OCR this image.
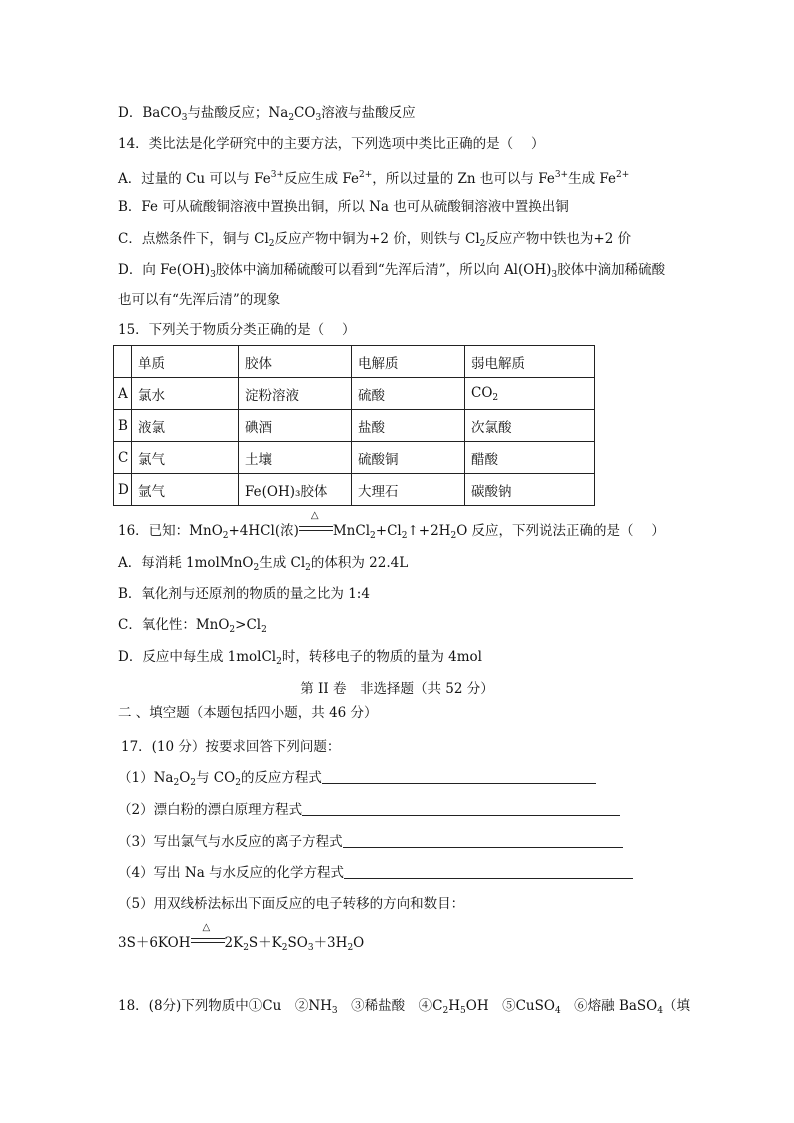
D．BaCO$_3$与盐酸反应；$Na_2CO_3$溶液与盐酸反应
14．类比法是化学研究中的主要方法，下列选项中类比正确的是（　 ）
A．过量的 Cu 可以与 $Fe^{3+}$反应生成 $Fe^{2+}$，所以过量的 Zn 也可以与 $Fe^{3+}$生成 $Fe^{2+}$
B．Fe 可从硫酸铜溶液中置换出铜，所以 Na 也可从硫酸铜溶液中置换出铜
C．点燃条件下，铜与 $Cl_2$反应产物中铜为+2 价，则铁与 $Cl_2$反应产物中铁也为+2 价
D．向 $Fe(OH)_3$胶体中滴加稀硫酸可以看到“先浑后清”，所以向 $Al(OH)_3$胶体中滴加稀硫酸
也可以有“先浑后清”的现象
15．下列关于物质分类正确的是（　 ）
	单质	胶体	电解质	弱电解质
A	氯水	淀粉溶液	硫酸	$CO_2$
B	液氯	碘酒	盐酸	次氯酸
C	氯气	土壤	硫酸铜	醋酸
D	氩气	Fe(OH)₃胶体	大理石	碳酸钠
16．已知：MnO$_2$+4HCl(浓)
△
$MnCl_2+Cl_2↑+2H_2O$ 反应，下列说法正确的是（　 ）
A．每消耗 1molMnO$_2$生成 $Cl_2$的体积为 22.4L
B．氧化剂与还原剂的物质的量之比为 1:4
C．氧化性：$MnO_2>Cl_2$
D．反应中每生成 1molCl$_2$时，转移电子的物质的量为 4mol
第 II 卷　非选择题（共 52 分）
二 、填空题（本题包括四小题，共 46 分）
17．(10 分）按要求回答下列问题：
$(1)Na_2O_2$与 $CO_2$的反应方程式
（2）漂白粉的漂白原理方程式
（3）写出氯气与水反应的离子方程式
（4）写出 Na 与水反应的化学方程式
（5）用双线桥法标出下面反应的电子转移的方向和数目：
3S＋6KOH
△
$2K_2S+K_2SO_3+3H_2O$
18．(8分)下列物质中①Cu　$②NH_3$　③稀盐酸　$④C_2H_5OH$　⑤CuSO$_4$　⑥熔融 BaSO$_4$（填
